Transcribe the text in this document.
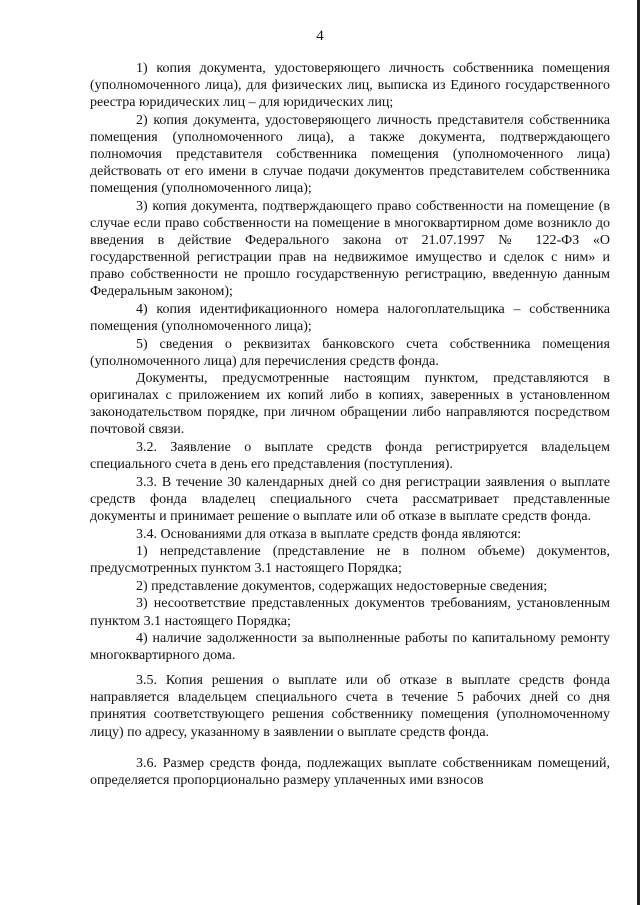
4

1) копия документа, удостоверяющего личность собственника помещения (уполномоченного лица), для физических лиц, выписка из Единого государственного реестра юридических лиц – для юридических лиц;

2) копия документа, удостоверяющего личность представителя собственника помещения (уполномоченного лица), а также документа, подтверждающего полномочия представителя собственника помещения (уполномоченного лица) действовать от его имени в случае подачи документов представителем собственника помещения (уполномоченного лица);

3) копия документа, подтверждающего право собственности на помещение (в случае если право собственности на помещение в многоквартирном доме возникло до введения в действие Федерального закона от 21.07.1997 № 122-ФЗ «О государственной регистрации прав на недвижимое имущество и сделок с ним» и право собственности не прошло государственную регистрацию, введенную данным Федеральным законом);

4) копия идентификационного номера налогоплательщика – собственника помещения (уполномоченного лица);

5) сведения о реквизитах банковского счета собственника помещения (уполномоченного лица) для перечисления средств фонда.

Документы, предусмотренные настоящим пунктом, представляются в оригиналах с приложением их копий либо в копиях, заверенных в установленном законодательством порядке, при личном обращении либо направляются посредством почтовой связи.

3.2. Заявление о выплате средств фонда регистрируется владельцем специального счета в день его представления (поступления).

3.3. В течение 30 календарных дней со дня регистрации заявления о выплате средств фонда владелец специального счета рассматривает представленные документы и принимает решение о выплате или об отказе в выплате средств фонда.

3.4. Основаниями для отказа в выплате средств фонда являются:

1) непредставление (представление не в полном объеме) документов, предусмотренных пунктом 3.1 настоящего Порядка;

2) представление документов, содержащих недостоверные сведения;

3) несоответствие представленных документов требованиям, установленным пунктом 3.1 настоящего Порядка;

4) наличие задолженности за выполненные работы по капитальному ремонту многоквартирного дома.

3.5. Копия решения о выплате или об отказе в выплате средств фонда направляется владельцем специального счета в течение 5 рабочих дней со дня принятия соответствующего решения собственнику помещения (уполномоченному лицу) по адресу, указанному в заявлении о выплате средств фонда.

3.6. Размер средств фонда, подлежащих выплате собственникам помещений, определяется пропорционально размеру уплаченных ими взносов
